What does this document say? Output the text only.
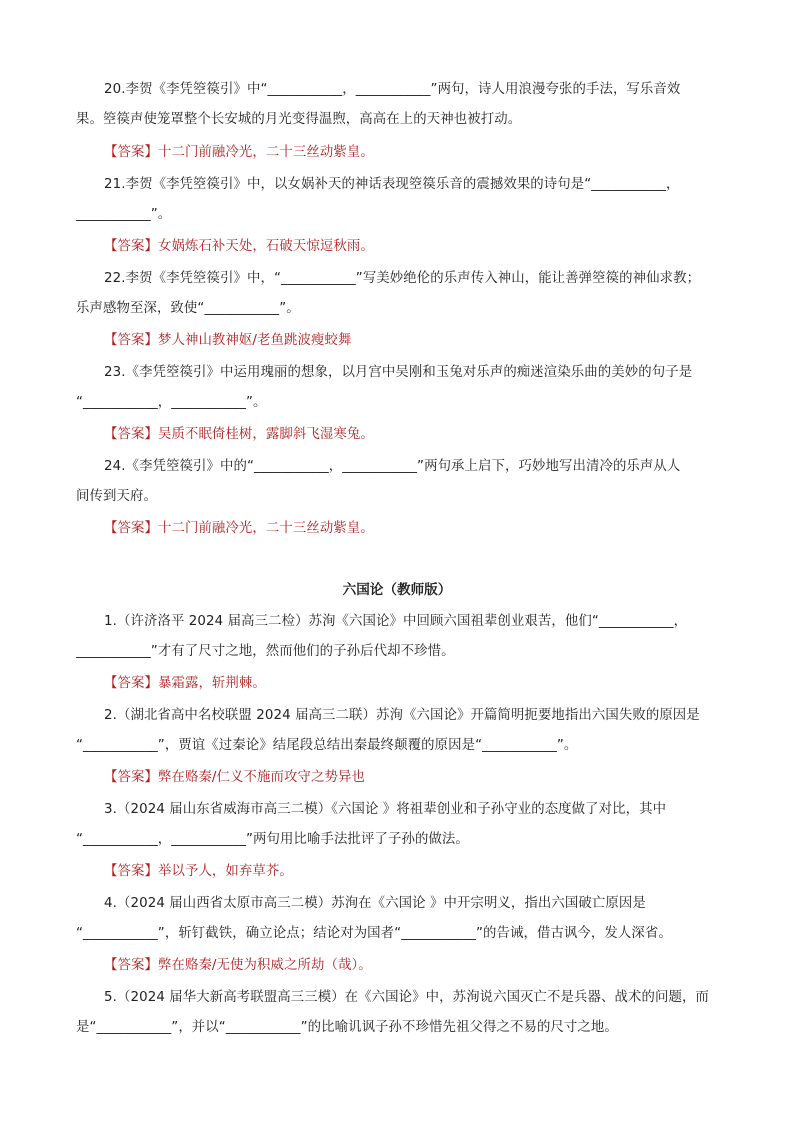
20.李贺《李凭箜篌引》中“___________，___________”两句，诗人用浪漫夸张的手法，写乐音效
果。箜篌声使笼罩整个长安城的月光变得温煦，高高在上的天神也被打动。
【答案】十二门前融冷光，二十三丝动紫皇。
21.李贺《李凭箜篌引》中，以女娲补天的神话表现箜篌乐音的震撼效果的诗句是“___________，
___________”。
【答案】女娲炼石补天处，石破天惊逗秋雨。
22.李贺《李凭箜篌引》中，“___________”写美妙绝伦的乐声传入神山，能让善弹箜篌的神仙求教；
乐声感物至深，致使“___________”。
【答案】梦人神山教神妪/老鱼跳波瘦蛟舞
23.《李凭箜篌引》中运用瑰丽的想象，以月宫中吴刚和玉兔对乐声的痴迷渲染乐曲的美妙的句子是
“___________，___________”。
【答案】吴质不眠倚桂树，露脚斜飞湿寒兔。
24.《李凭箜篌引》中的“___________，___________”两句承上启下，巧妙地写出清冷的乐声从人
间传到天府。
【答案】十二门前融冷光，二十三丝动紫皇。
六国论（教师版）
1.（许济洛平 2024 届高三二检）苏洵《六国论》中回顾六国祖辈创业艰苦，他们“___________，
___________”才有了尺寸之地，然而他们的子孙后代却不珍惜。
【答案】暴霜露，斩荆棘。
2.（湖北省高中名校联盟 2024 届高三二联）苏洵《六国论》开篇简明扼要地指出六国失败的原因是
“___________”，贾谊《过秦论》结尾段总结出秦最终颠覆的原因是“___________”。
【答案】弊在赂秦/仁义不施而攻守之势异也
3.（2024 届山东省威海市高三二模）《六国论 》将祖辈创业和子孙守业的态度做了对比，其中
“___________，___________”两句用比喻手法批评了子孙的做法。
【答案】举以予人，如弃草芥。
4.（2024 届山西省太原市高三二模）苏洵在《六国论 》中开宗明义，指出六国破亡原因是
“___________”，斩钉截铁，确立论点；结论对为国者“___________”的告诫，借古讽今，发人深省。
【答案】弊在赂秦/无使为积威之所劫（哉）。
5.（2024 届华大新高考联盟高三三模）在《六国论》中，苏洵说六国灭亡不是兵器、战术的问题，而
是“___________”，并以“___________”的比喻讥讽子孙不珍惜先祖父得之不易的尺寸之地。
